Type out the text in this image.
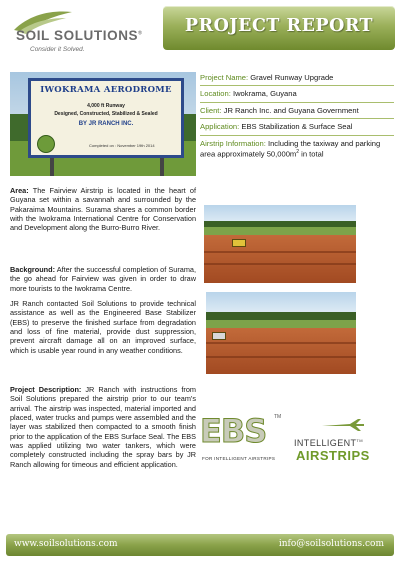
SOIL SOLUTIONS®
Consider it Solved.
PROJECT REPORT
IWOKRAMA AERODROME
4,000 ft Runway
Designed, Constructed, Stabilized & Sealed
BY JR RANCH INC.
Completed on : November 19th 2014
Project Name: Gravel Runway Upgrade
Location: Iwokrama, Guyana
Client: JR Ranch Inc. and Guyana Government
Application: EBS Stabilization & Surface Seal
Airstrip Information: Including the taxiway and parking area approximately $50,000m^2$ in total
Area: The Fairview Airstrip is located in the heart of Guyana set within a savannah and surrounded by the Pakaraima Mountains. Surama shares a common border with the Iwokrama International Centre for Conservation and Development along the Burro-Burro River.
Background: After the successful completion of Surama, the go ahead for Fairview was given in order to draw more tourists to the Iwokrama Centre.
JR Ranch contacted Soil Solutions to provide technical assistance as well as the Engineered Base Stabilizer (EBS) to preserve the finished surface from degradation and loss of fine material, provide dust suppression, prevent aircraft damage all on an improved surface, which is usable year round in any weather conditions.
Project Description: JR Ranch with instructions from Soil Solutions prepared the airstrip prior to our team's arrival. The airstrip was inspected, material imported and placed, water trucks and pumps were assembled and the layer was stabilized then compacted to a smooth finish prior to the application of the EBS Surface Seal. The EBS was applied utilizing two water tankers, which were completely constructed including the spray bars by JR Ranch allowing for timeous and efficient application.
EBS TM
FOR INTELLIGENT AIRSTRIPS
INTELLIGENT™
AIRSTRIPS
www.soilsolutions.com	info@soilsolutions.com
